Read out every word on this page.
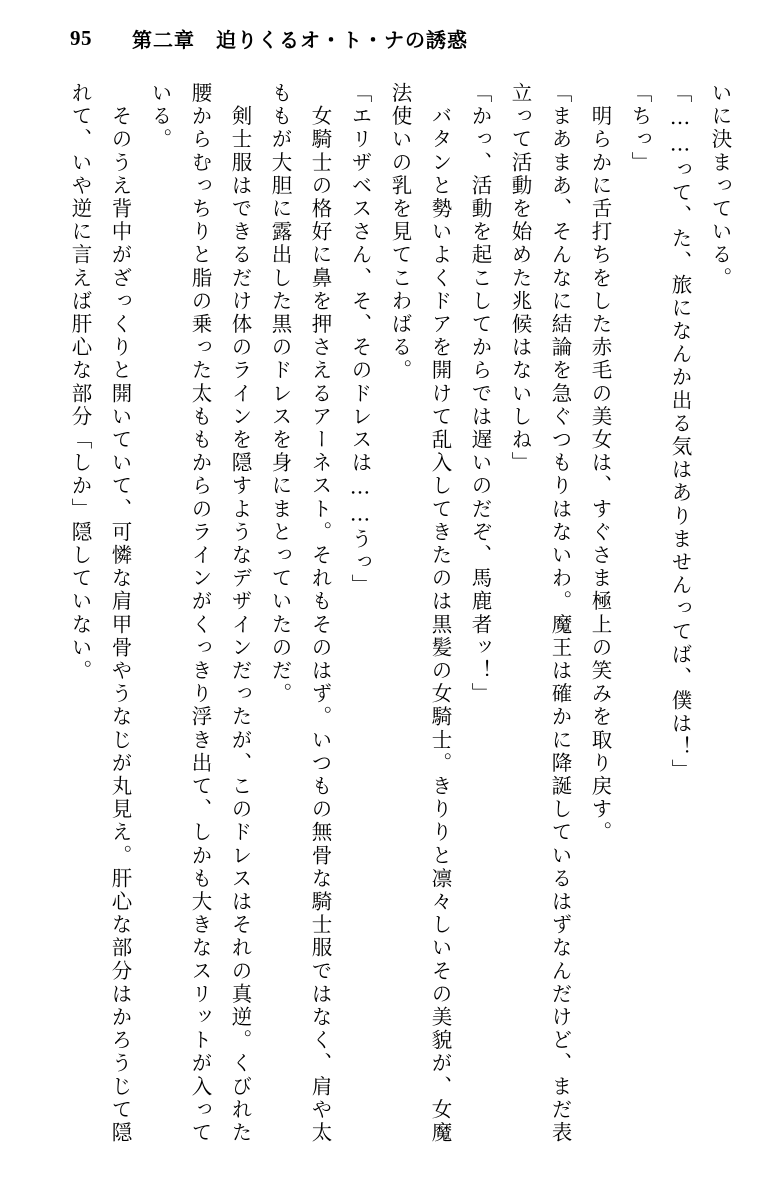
95 第二章　迫りくるオ・ト・ナの誘惑

いに決まっている。

「……って、た、旅になんか出る気はありませんってば、僕は！」

「ちっ」

　明らかに舌打ちをした赤毛の美女は、すぐさま極上の笑みを取り戻す。

「まあまあ、そんなに結論を急ぐつもりはないわ。魔王は確かに降誕しているはずなんだけど、まだ表立って活動を始めた兆候はないしね」

「かっ、活動を起こしてからでは遅いのだぞ、馬鹿者ッ！」

　バタンと勢いよくドアを開けて乱入してきたのは黒髪の女騎士。きりりと凛々しいその美貌が、女魔法使いの乳を見てこわばる。

「エリザベスさん、そ、そのドレスは……うっ」

　女騎士の格好に鼻を押さえるアーネスト。それもそのはず。いつもの無骨な騎士服ではなく、肩や太ももが大胆に露出した黒のドレスを身にまとっていたのだ。

　剣士服はできるだけ体のラインを隠すようなデザインだったが、このドレスはそれの真逆。くびれた腰からむっちりと脂の乗った太ももからのラインがくっきり浮き出て、しかも大きなスリットが入っている。

　そのうえ背中がざっくりと開いていて、可憐な肩甲骨やうなじが丸見え。肝心な部分はかろうじて隠れて、いや逆に言えば肝心な部分「しか」隠していない。
